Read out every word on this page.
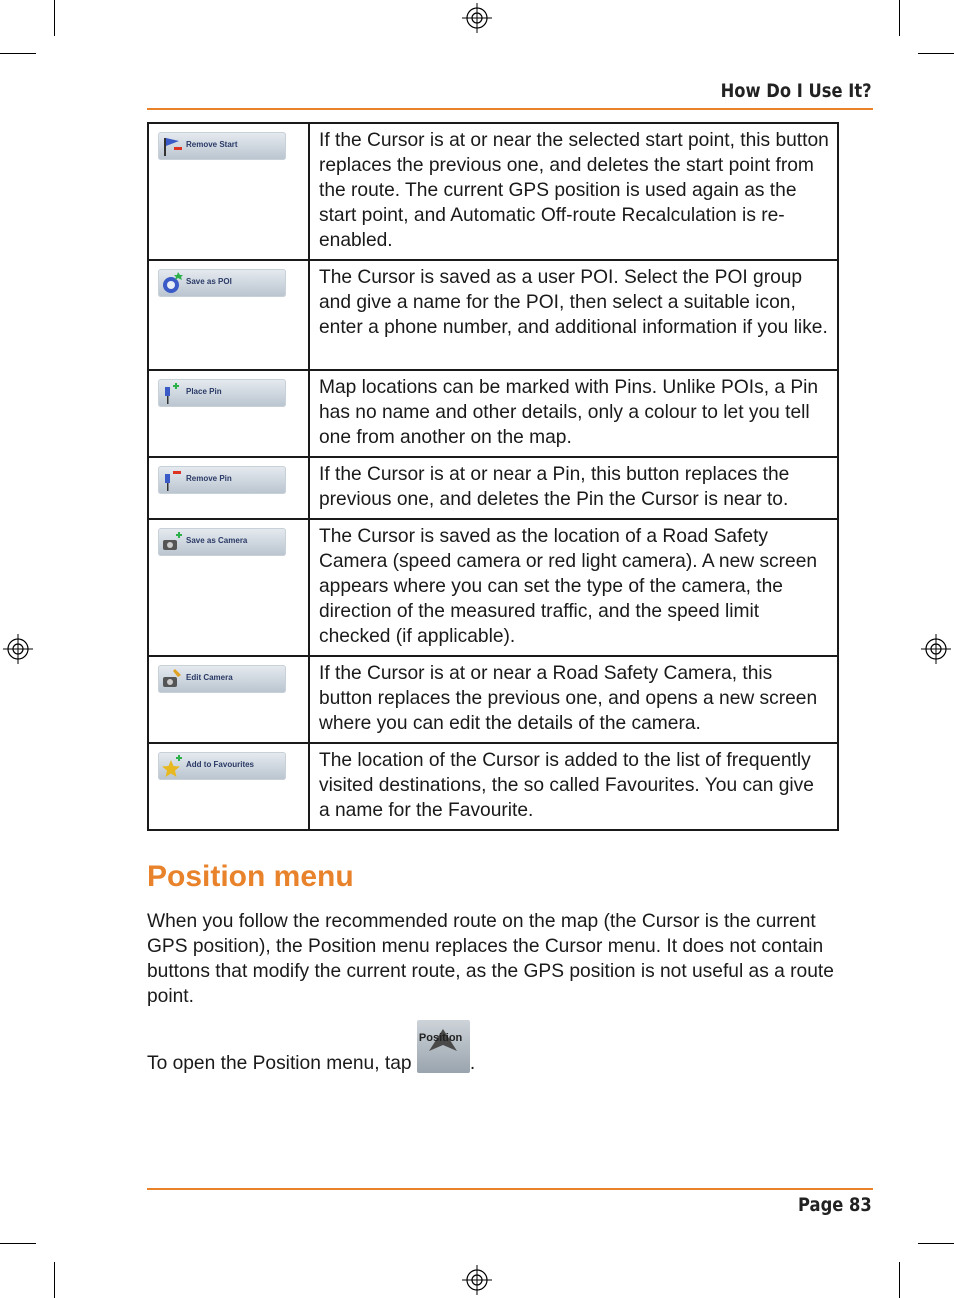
How Do I Use It?
Remove Start	If the Cursor is at or near the selected start point, this button replaces the previous one, and deletes the start point from the route. The current GPS position is used again as the start point, and Automatic Off-route Recalculation is re-enabled.

Save as POI	The Cursor is saved as a user POI. Select the POI group and give a name for the POI, then select a suitable icon, enter a phone number, and additional information if you like.

Place Pin	Map locations can be marked with Pins. Unlike POIs, a Pin has no name and other details, only a colour to let you tell one from another on the map.

Remove Pin	If the Cursor is at or near a Pin, this button replaces the previous one, and deletes the Pin the Cursor is near to.

Save as Camera	The Cursor is saved as the location of a Road Safety Camera (speed camera or red light camera). A new screen appears where you can set the type of the camera, the direction of the measured traffic, and the speed limit checked (if applicable).

Edit Camera	If the Cursor is at or near a Road Safety Camera, this button replaces the previous one, and opens a new screen where you can edit the details of the camera.

Add to Favourites	The location of the Cursor is added to the list of frequently visited destinations, the so called Favourites. You can give a name for the Favourite.
Position menu

When you follow the recommended route on the map (the Cursor is the current GPS position), the Position menu replaces the Cursor menu. It does not contain buttons that modify the current route, as the GPS position is not useful as a route point.

To open the Position menu, tap
Position
.

Page 83
